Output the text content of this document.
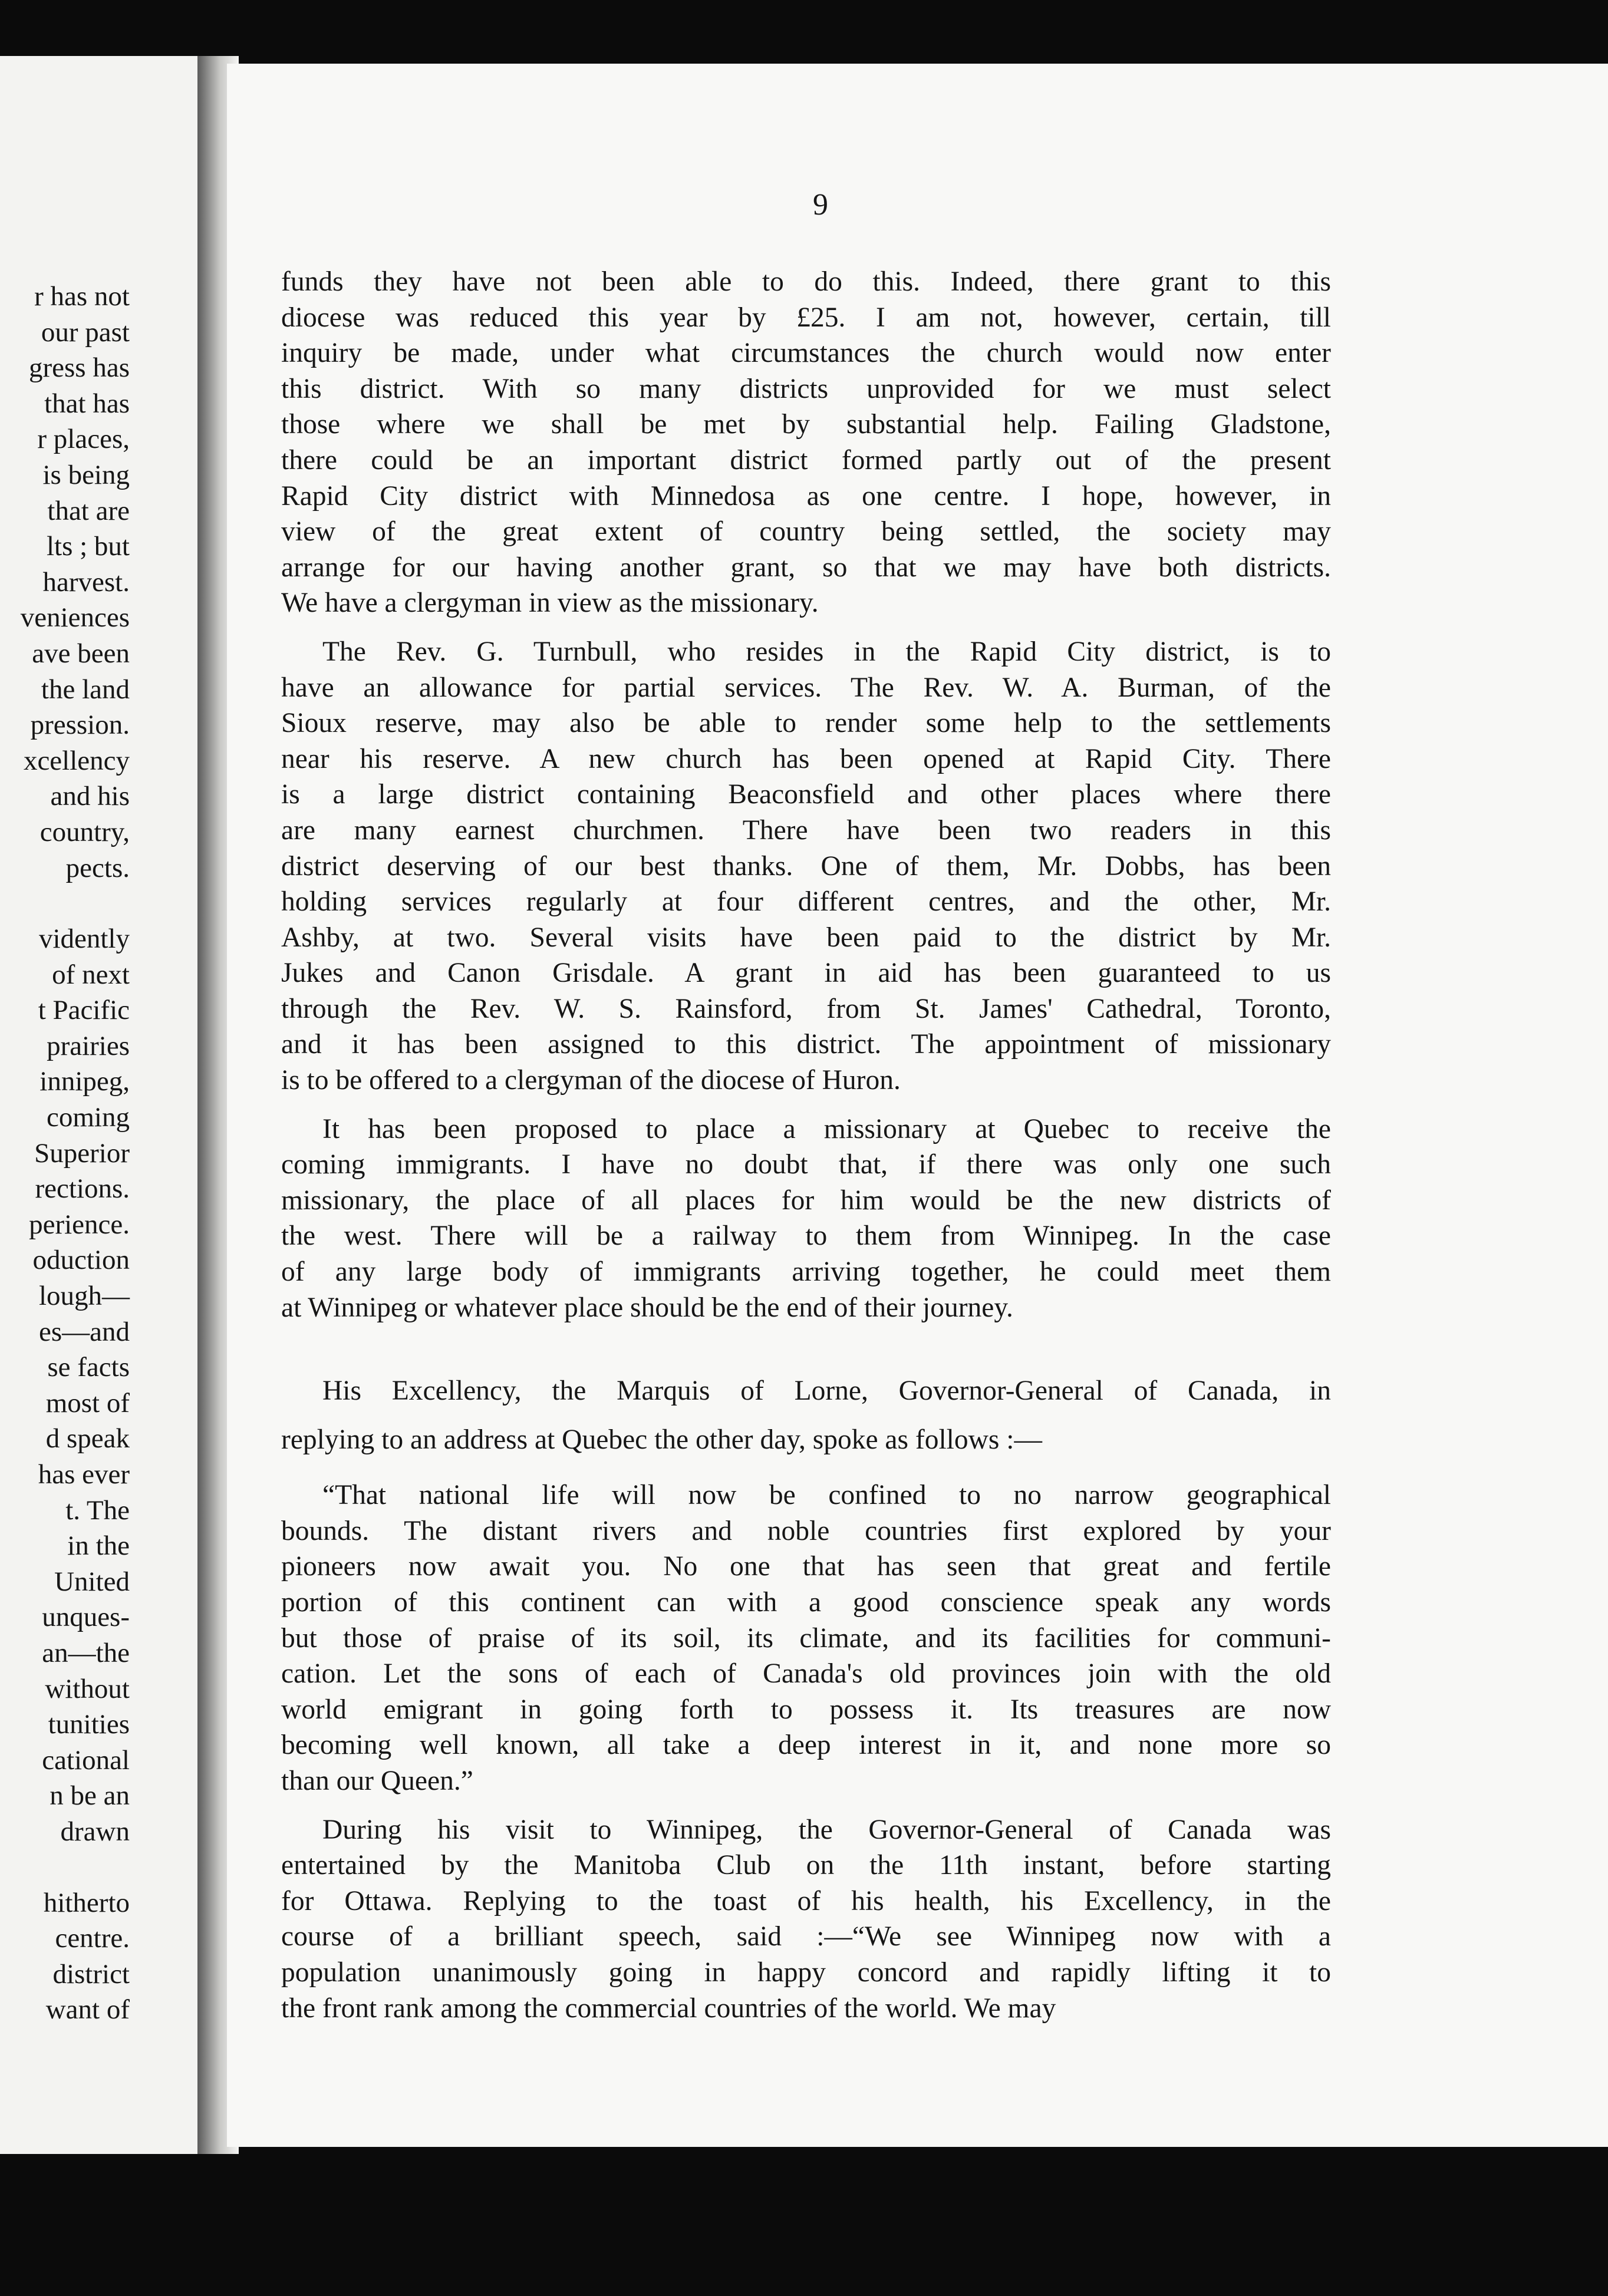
r has not
our past
gress has
that has
r places,
is being
that are
lts ; but
harvest.
veniences
ave been
the land
pression.
xcellency
and his
country,
pects.
vidently
of next
t Pacific
prairies
innipeg,
coming
Superior
rections.
perience.
oduction
lough—
es—and
se facts
most of
d speak
has ever
t. The
in the
United
unques-
an—the
without
tunities
cational
n be an
drawn
hitherto
centre.
district
want of
9

funds they have not been able to do this. Indeed, there grant to this
diocese was reduced this year by £25. I am not, however, certain, till
inquiry be made, under what circumstances the church would now enter
this district. With so many districts unprovided for we must select
those where we shall be met by substantial help. Failing Gladstone,
there could be an important district formed partly out of the present
Rapid City district with Minnedosa as one centre. I hope, however, in
view of the great extent of country being settled, the society may
arrange for our having another grant, so that we may have both districts.
We have a clergyman in view as the missionary.

The Rev. G. Turnbull, who resides in the Rapid City district, is to
have an allowance for partial services. The Rev. W. A. Burman, of the
Sioux reserve, may also be able to render some help to the settlements
near his reserve. A new church has been opened at Rapid City. There
is a large district containing Beaconsfield and other places where there
are many earnest churchmen. There have been two readers in this
district deserving of our best thanks. One of them, Mr. Dobbs, has been
holding services regularly at four different centres, and the other, Mr.
Ashby, at two. Several visits have been paid to the district by Mr.
Jukes and Canon Grisdale. A grant in aid has been guaranteed to us
through the Rev. W. S. Rainsford, from St. James' Cathedral, Toronto,
and it has been assigned to this district. The appointment of missionary
is to be offered to a clergyman of the diocese of Huron.

It has been proposed to place a missionary at Quebec to receive the
coming immigrants. I have no doubt that, if there was only one such
missionary, the place of all places for him would be the new districts of
the west. There will be a railway to them from Winnipeg. In the case
of any large body of immigrants arriving together, he could meet them
at Winnipeg or whatever place should be the end of their journey.

His Excellency, the Marquis of Lorne, Governor-General of Canada, in
replying to an address at Quebec the other day, spoke as follows :—

“That national life will now be confined to no narrow geographical
bounds. The distant rivers and noble countries first explored by your
pioneers now await you. No one that has seen that great and fertile
portion of this continent can with a good conscience speak any words
but those of praise of its soil, its climate, and its facilities for communi-
cation. Let the sons of each of Canada's old provinces join with the old
world emigrant in going forth to possess it. Its treasures are now
becoming well known, all take a deep interest in it, and none more so
than our Queen.”

During his visit to Winnipeg, the Governor-General of Canada was
entertained by the Manitoba Club on the 11th instant, before starting
for Ottawa. Replying to the toast of his health, his Excellency, in the
course of a brilliant speech, said :—“We see Winnipeg now with a
population unanimously going in happy concord and rapidly lifting it to
the front rank among the commercial countries of the world. We may
